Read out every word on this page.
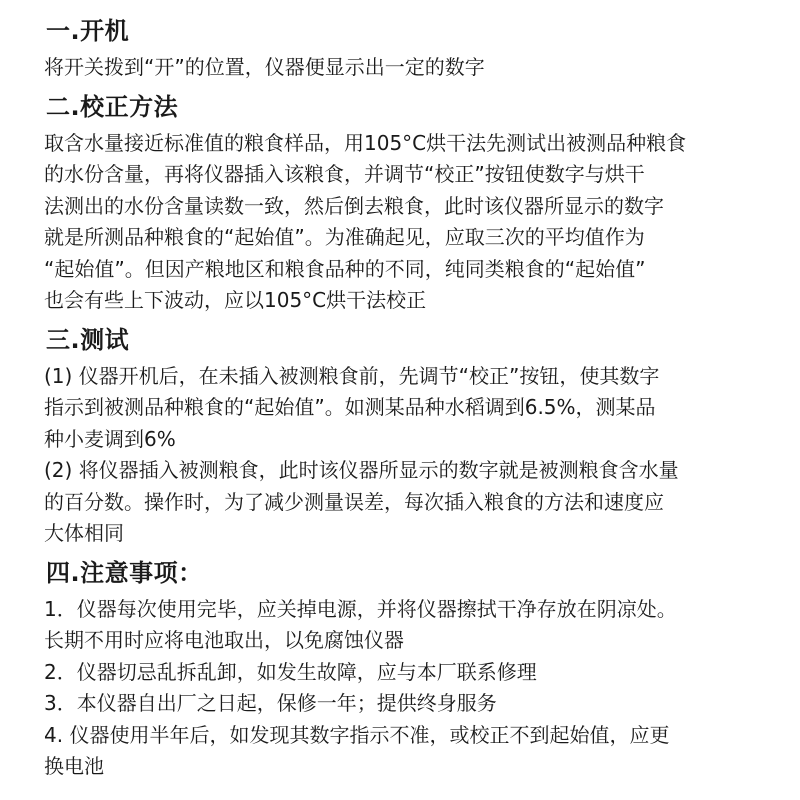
一.开机

将开关拨到“开”的位置，仪器便显示出一定的数字

二.校正方法

取含水量接近标准值的粮食样品，用105°C烘干法先测试出被测品种粮食
的水份含量，再将仪器插入该粮食，并调节“校正”按钮使数字与烘干
法测出的水份含量读数一致，然后倒去粮食，此时该仪器所显示的数字
就是所测品种粮食的“起始值”。为准确起见，应取三次的平均值作为
“起始值”。但因产粮地区和粮食品种的不同，纯同类粮食的“起始值”
也会有些上下波动，应以105°C烘干法校正

三.测试

(1) 仪器开机后，在未插入被测粮食前，先调节“校正”按钮，使其数字
指示到被测品种粮食的“起始值”。如测某品种水稻调到6.5%，测某品
种小麦调到6%

(2) 将仪器插入被测粮食，此时该仪器所显示的数字就是被测粮食含水量
的百分数。操作时，为了减少测量误差，每次插入粮食的方法和速度应
大体相同

四.注意事项：

1．仪器每次使用完毕，应关掉电源，并将仪器擦拭干净存放在阴凉处。
长期不用时应将电池取出，以免腐蚀仪器

2．仪器切忌乱拆乱卸，如发生故障，应与本厂联系修理

3．本仪器自出厂之日起，保修一年；提供终身服务

4. 仪器使用半年后，如发现其数字指示不准，或校正不到起始值，应更
换电池
